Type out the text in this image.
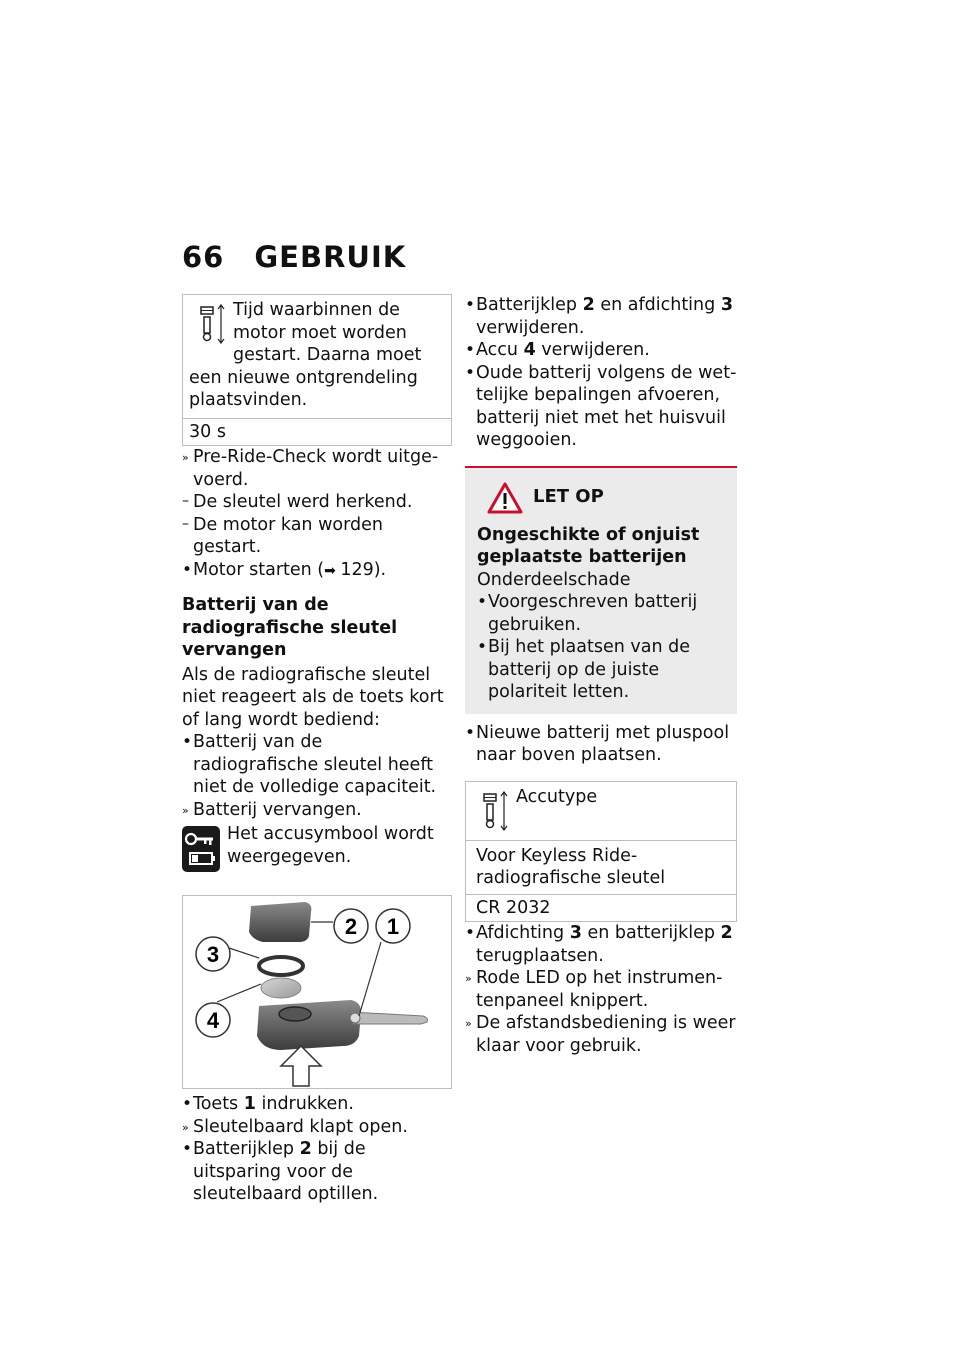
66 GEBRUIK
Tijd waarbinnen de motor moet worden gestart. Daarna moet een nieuwe ontgrendeling plaatsvinden.
30 s
» Pre-Ride-Check wordt uitgevoerd.
– De sleutel werd herkend.
– De motor kan worden gestart.
• Motor starten (➡ 129).
Batterij van de radiografische sleutel vervangen
Als de radiografische sleutel niet reageert als de toets kort of lang wordt bediend:
• Batterij van de radiografische sleutel heeft niet de volledige capaciteit.
» Batterij vervangen.
Het accusymbool wordt weergegeven.
2 1
3
4
• Toets 1 indrukken.
» Sleutelbaard klapt open.
• Batterijklep 2 bij de uitsparing voor de sleutelbaard optillen.
• Batterijklep 2 en afdichting 3 verwijderen.
• Accu 4 verwijderen.
• Oude batterij volgens de wettelijke bepalingen afvoeren, batterij niet met het huisvuil weggooien.
LET OP
Ongeschikte of onjuist geplaatste batterijen
Onderdeelschade
• Voorgeschreven batterij gebruiken.
• Bij het plaatsen van de batterij op de juiste polariteit letten.
• Nieuwe batterij met pluspool naar boven plaatsen.
Accutype
Voor Keyless Ride-radiografische sleutel
CR 2032
• Afdichting 3 en batterijklep 2 terugplaatsen.
» Rode LED op het instrumentenpaneel knippert.
» De afstandsbediening is weer klaar voor gebruik.
